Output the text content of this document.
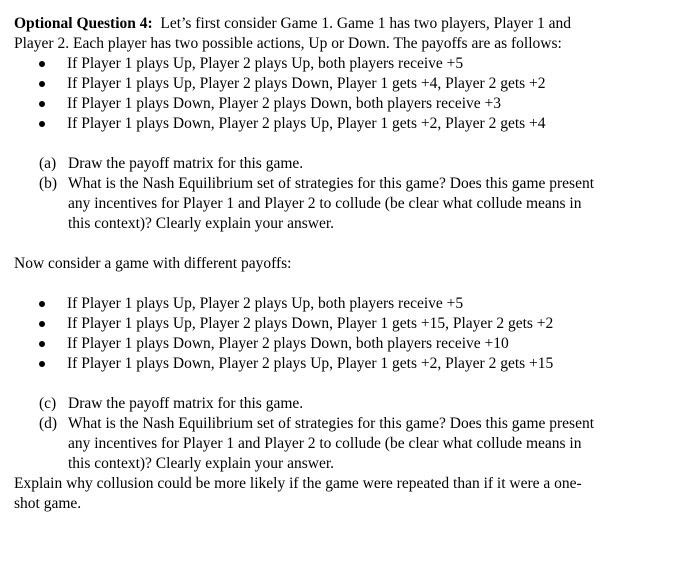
Optional Question 4: Let’s first consider Game 1. Game 1 has two players, Player 1 and
Player 2. Each player has two possible actions, Up or Down. The payoffs are as follows:
If Player 1 plays Up, Player 2 plays Up, both players receive +5
If Player 1 plays Up, Player 2 plays Down, Player 1 gets +4, Player 2 gets +2
If Player 1 plays Down, Player 2 plays Down, both players receive +3
If Player 1 plays Down, Player 2 plays Up, Player 1 gets +2, Player 2 gets +4
(a) Draw the payoff matrix for this game.
(b) What is the Nash Equilibrium set of strategies for this game? Does this game present
any incentives for Player 1 and Player 2 to collude (be clear what collude means in
this context)? Clearly explain your answer.
Now consider a game with different payoffs:
If Player 1 plays Up, Player 2 plays Up, both players receive +5
If Player 1 plays Up, Player 2 plays Down, Player 1 gets +15, Player 2 gets +2
If Player 1 plays Down, Player 2 plays Down, both players receive +10
If Player 1 plays Down, Player 2 plays Up, Player 1 gets +2, Player 2 gets +15
(c) Draw the payoff matrix for this game.
(d) What is the Nash Equilibrium set of strategies for this game? Does this game present
any incentives for Player 1 and Player 2 to collude (be clear what collude means in
this context)? Clearly explain your answer.
Explain why collusion could be more likely if the game were repeated than if it were a one-
shot game.
